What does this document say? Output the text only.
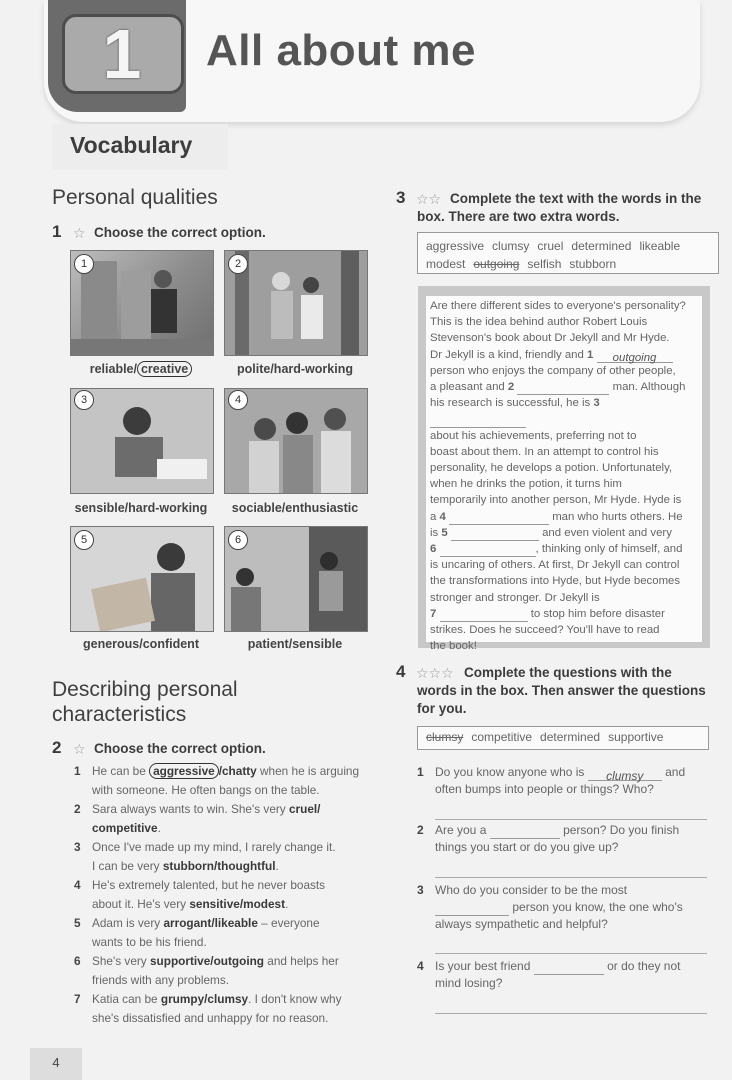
1 All about me
Vocabulary
Personal qualities
1 ☆ Choose the correct option.
1	2
reliable/ creative	polite/hard-working
3	4
sensible/hard-working	sociable/enthusiastic
5	6
generous/confident	patient/sensible
Describing personal
characteristics
2 ☆ Choose the correct option.
1 He can be aggressive /chatty when he is arguing
with someone. He often bangs on the table.
2 Sara always wants to win. She's very cruel/
competitive.
3 Once I've made up my mind, I rarely change it.
I can be very stubborn/thoughtful.
4 He's extremely talented, but he never boasts
about it. He's very sensitive/modest.
5 Adam is very arrogant/likeable – everyone
wants to be his friend.
6 She's very supportive/outgoing and helps her
friends with any problems.
7 Katia can be grumpy/clumsy. I don't know why
she's dissatisfied and unhappy for no reason.
3 ☆☆ Complete the text with the words in the
box. There are two extra words.
aggressive clumsy cruel determined likeable
modest outgoing selfish stubborn
Are there different sides to everyone's personality?
This is the idea behind author Robert Louis
Stevenson's book about Dr Jekyll and Mr Hyde.
Dr Jekyll is a kind, friendly and 1 outgoing
person who enjoys the company of other people,
a pleasant and 2	man. Although
his research is successful, he is 3
about his achievements, preferring not to
boast about them. In an attempt to control his
personality, he develops a potion. Unfortunately,
when he drinks the potion, it turns him
temporarily into another person, Mr Hyde. Hyde is
a 4	man who hurts others. He
is 5	and even violent and very
6	, thinking only of himself, and
is uncaring of others. At first, Dr Jekyll can control
the transformations into Hyde, but Hyde becomes
stronger and stronger. Dr Jekyll is
7	to stop him before disaster
strikes. Does he succeed? You'll have to read
the book!
4 ☆☆☆ Complete the questions with the
words in the box. Then answer the questions
for you.
clumsy competitive determined supportive
1 Do you know anyone who is clumsy and
often bumps into people or things? Who?
2 Are you a	person? Do you finish
things you start or do you give up?
3 Who do you consider to be the most
person you know, the one who's
always sympathetic and helpful?
4 Is your best friend	or do they not
mind losing?
4
